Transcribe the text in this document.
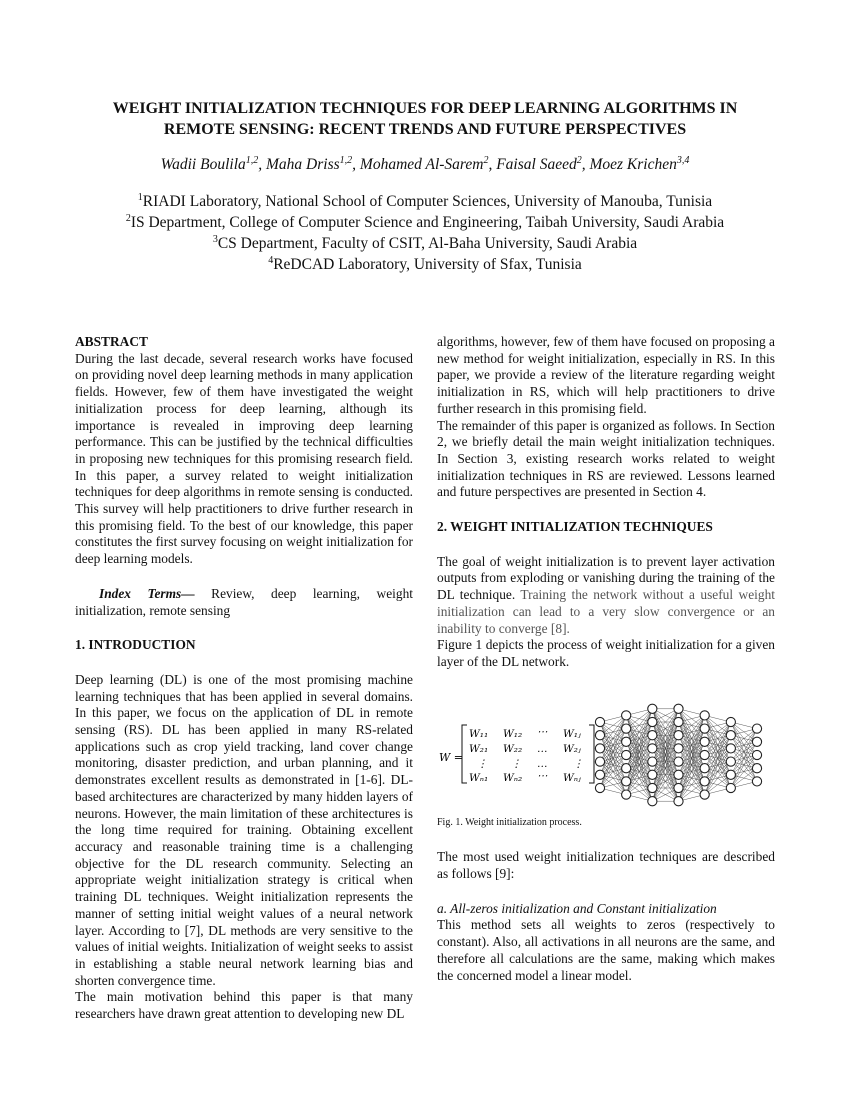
WEIGHT INITIALIZATION TECHNIQUES FOR DEEP LEARNING ALGORITHMS IN
REMOTE SENSING: RECENT TRENDS AND FUTURE PERSPECTIVES

Wadii Boulila$^{1,2}$, Maha Driss$^{1,2}$, Mohamed Al-Sarem$^2$, Faisal Saeed$^2$, Moez Krichen$^{3,4}$

$^1$RIADI Laboratory, National School of Computer Sciences, University of Manouba, Tunisia
$^2$IS Department, College of Computer Science and Engineering, Taibah University, Saudi Arabia
$^3$CS Department, Faculty of CSIT, Al-Baha University, Saudi Arabia
$^4$ReDCAD Laboratory, University of Sfax, Tunisia

ABSTRACT

During the last decade, several research works have focused on providing novel deep learning methods in many application fields. However, few of them have investigated the weight initialization process for deep learning, although its importance is revealed in improving deep learning performance. This can be justified by the technical difficulties in proposing new techniques for this promising research field. In this paper, a survey related to weight initialization techniques for deep algorithms in remote sensing is conducted. This survey will help practitioners to drive further research in this promising field. To the best of our knowledge, this paper constitutes the first survey focusing on weight initialization for deep learning models.

Index Terms— Review, deep learning, weight initialization, remote sensing

1. INTRODUCTION

Deep learning (DL) is one of the most promising machine learning techniques that has been applied in several domains. In this paper, we focus on the application of DL in remote sensing (RS). DL has been applied in many RS-related applications such as crop yield tracking, land cover change monitoring, disaster prediction, and urban planning, and it demonstrates excellent results as demonstrated in [1-6]. DL-based architectures are characterized by many hidden layers of neurons. However, the main limitation of these architectures is the long time required for training. Obtaining excellent accuracy and reasonable training time is a challenging objective for the DL research community. Selecting an appropriate weight initialization strategy is critical when training DL techniques. Weight initialization represents the manner of setting initial weight values of a neural network layer. According to [7], DL methods are very sensitive to the values of initial weights. Initialization of weight seeks to assist in establishing a stable neural network learning bias and shorten convergence time.

The main motivation behind this paper is that many researchers have drawn great attention to developing new DL

algorithms, however, few of them have focused on proposing a new method for weight initialization, especially in RS. In this paper, we provide a review of the literature regarding weight initialization in RS, which will help practitioners to drive further research in this promising field.

The remainder of this paper is organized as follows. In Section 2, we briefly detail the main weight initialization techniques. In Section 3, existing research works related to weight initialization techniques in RS are reviewed. Lessons learned and future perspectives are presented in Section 4.

2. WEIGHT INITIALIZATION TECHNIQUES

The goal of weight initialization is to prevent layer activation outputs from exploding or vanishing during the training of the DL technique. Training the network without a useful weight initialization can lead to a very slow convergence or an inability to converge [8].

Figure 1 depicts the process of weight initialization for a given layer of the DL network.

W =
W₁₁ W₁₂ ⋯ W₁ⱼ
W₂₁ W₂₂ … W₂ⱼ
⋮ ⋮ … ⋮
Wₙ₁ Wₙ₂ ⋯ Wₙⱼ

Fig. 1. Weight initialization process.

The most used weight initialization techniques are described as follows [9]:

a. All-zeros initialization and Constant initialization

This method sets all weights to zeros (respectively to constant). Also, all activations in all neurons are the same, and therefore all calculations are the same, making which makes the concerned model a linear model.
